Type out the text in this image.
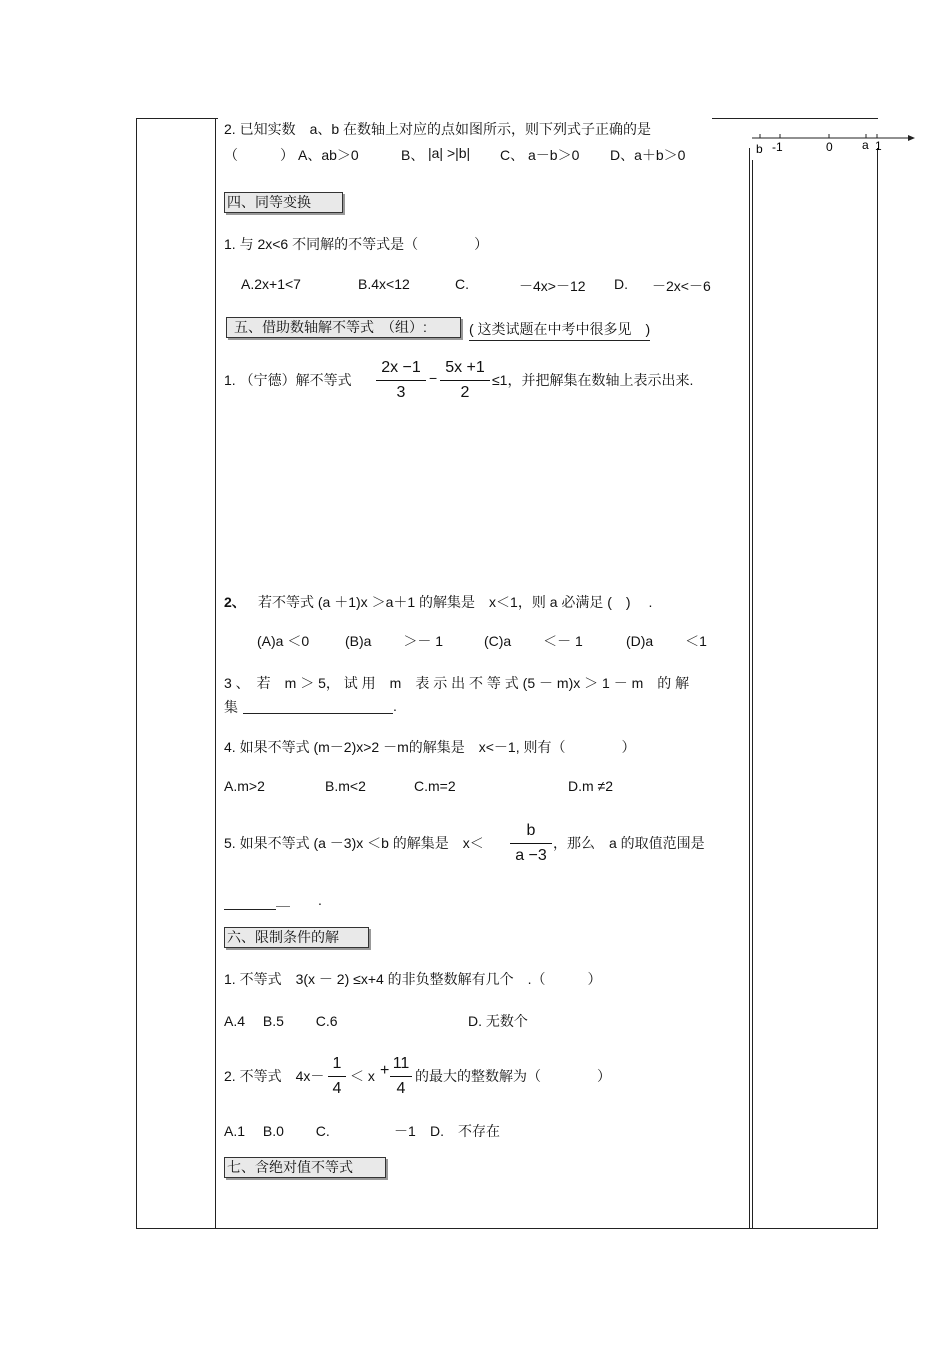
b -1	0 a 1
2. 已知实数　a、b 在数轴上对应的点如图所示，则下列式子正确的是
（　　　） A、ab＞0	B、 |a| >|b| C、 a－b＞0 D、a＋b＞0
四、同等变换
1. 与 2x<6 不同解的不等式是（　　　　）
A.2x+1<7	B.4x<12	C.	－4x>－12 D. －2x<－6
五、借助数轴解不等式　（组）:	( 这类试题在中考中很多见　)
1. （宁德）解不等式
2x −1
3
−
5x +1
2
≤1，并把解集在数轴上表示出来.
2、 若不等式 (a ＋1)x ＞a＋1 的解集是　x＜1，则 a 必满足 (　)　 .
(A)a ＜0	(B)a　　 ＞－ 1	(C)a　　 ＜－ 1	(D)a　　 ＜1
3 、　若　m ＞ 5， 试 用　m　表 示 出 不 等 式 (5 － m)x ＞ 1 － m　的 解
集	.
4. 如果不等式 (m－2)x>2 －m的解集是　x<－1, 则有（　　　　）
A.m>2	B.m<2	C.m=2	D.m ≠2
5. 如果不等式 (a －3)x ＜b 的解集是　x＜
b
a −3
，那么　a 的取值范围是
＿　　.
六、限制条件的解
1. 不等式　3(x － 2) ≤x+4 的非负整数解有几个　.（　　　）
A.4　 B.5　　 C.6	D. 无数个
2. 不等式　4x－
1
4
＜ x + 11
4
的最大的整数解为（　　　　）
A.1　 B.0　　 C.	－1 D.　不存在
七、含绝对值不等式
